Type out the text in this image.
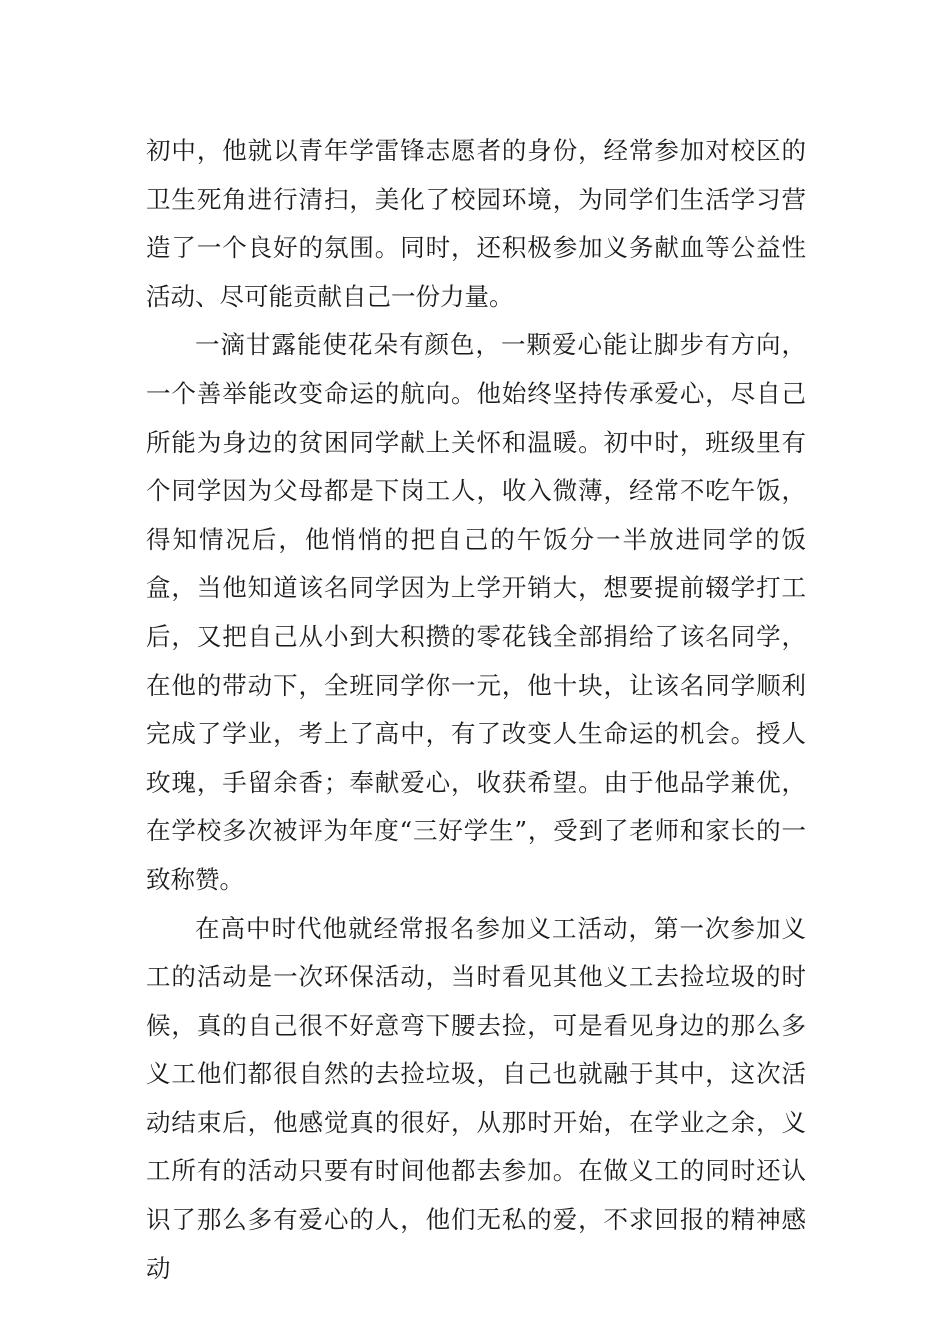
初中，他就以青年学雷锋志愿者的身份，经常参加对校区的卫生死角进行清扫，美化了校园环境，为同学们生活学习营造了一个良好的氛围。同时，还积极参加义务献血等公益性活动、尽可能贡献自己一份力量。

一滴甘露能使花朵有颜色，一颗爱心能让脚步有方向，一个善举能改变命运的航向。他始终坚持传承爱心，尽自己所能为身边的贫困同学献上关怀和温暖。初中时，班级里有个同学因为父母都是下岗工人，收入微薄，经常不吃午饭，得知情况后，他悄悄的把自己的午饭分一半放进同学的饭盒，当他知道该名同学因为上学开销大，想要提前辍学打工后，又把自己从小到大积攒的零花钱全部捐给了该名同学，在他的带动下，全班同学你一元，他十块，让该名同学顺利完成了学业，考上了高中，有了改变人生命运的机会。授人玫瑰，手留余香；奉献爱心，收获希望。由于他品学兼优，在学校多次被评为年度“三好学生”，受到了老师和家长的一致称赞。

在高中时代他就经常报名参加义工活动，第一次参加义工的活动是一次环保活动，当时看见其他义工去捡垃圾的时候，真的自己很不好意弯下腰去捡，可是看见身边的那么多义工他们都很自然的去捡垃圾，自己也就融于其中，这次活动结束后，他感觉真的很好，从那时开始，在学业之余，义工所有的活动只要有时间他都去参加。在做义工的同时还认识了那么多有爱心的人，他们无私的爱，不求回报的精神感动
